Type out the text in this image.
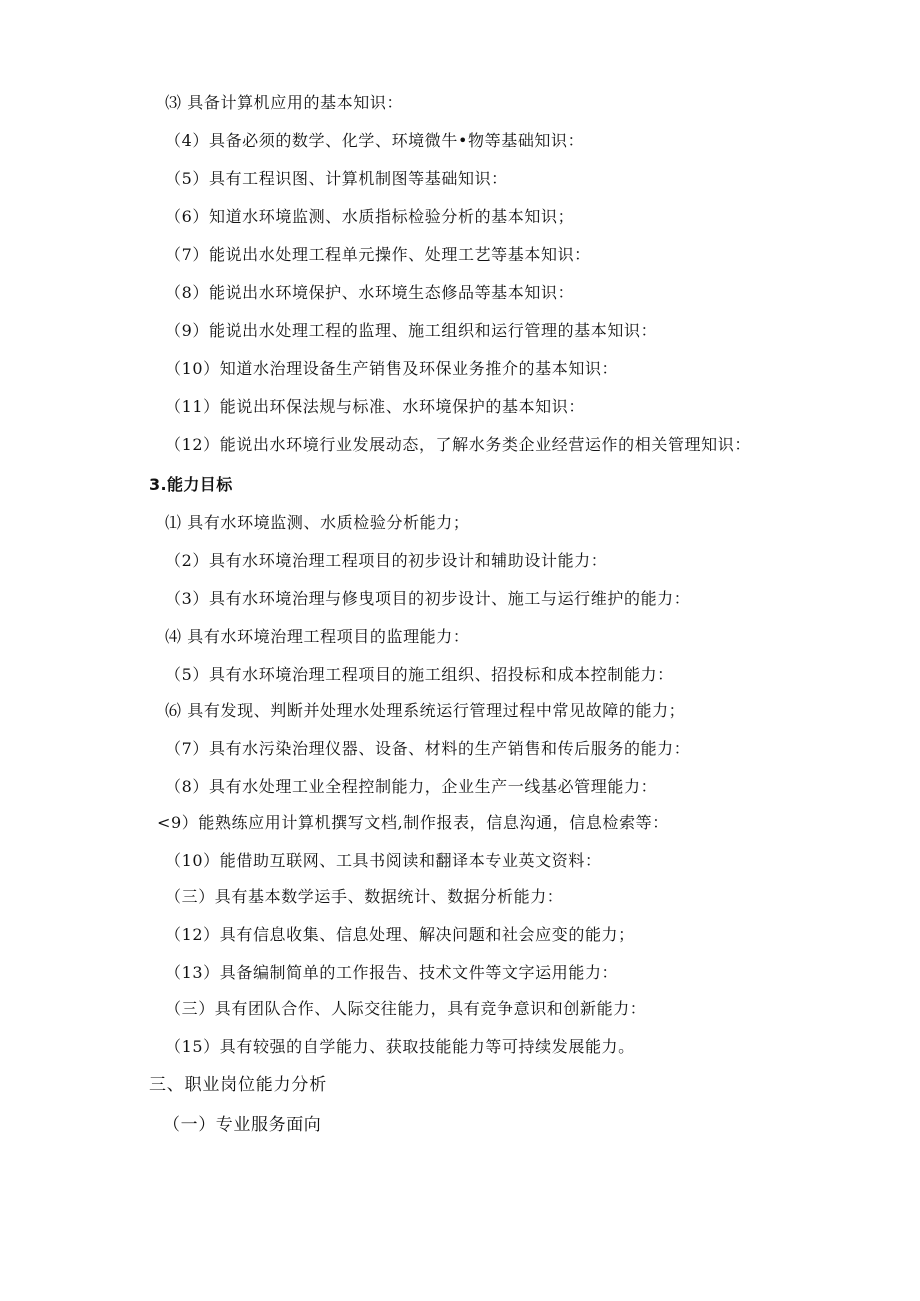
⑶ 具备计算机应用的基本知识：
（4）具备必须的数学、化学、环境微牛•物等基础知识：
（5）具有工程识图、计算机制图等基础知识：
（6）知道水环境监测、水质指标检验分析的基本知识；
（7）能说出水处理工程单元操作、处理工艺等基本知识：
（8）能说出水环境保护、水环境生态修品等基本知识：
（9）能说出水处理工程的监理、施工组织和运行管理的基本知识：
（10）知道水治理设备生产销售及环保业务推介的基本知识：
（11）能说出环保法规与标准、水环境保护的基本知识：
（12）能说出水环境行业发展动态，了解水务类企业经营运作的相关管理知识：
3.能力目标
⑴ 具有水环境监测、水质检验分析能力；
（2）具有水环境治理工程项目的初步设计和辅助设计能力：
（3）具有水环境治理与修曳项目的初步设计、施工与运行维护的能力：
⑷ 具有水环境治理工程项目的监理能力：
（5）具有水环境治理工程项目的施工组织、招投标和成本控制能力：
⑹ 具有发现、判断并处理水处理系统运行管理过程中常见故障的能力；
（7）具有水污染治理仪器、设备、材料的生产销售和传后服务的能力：
（8）具有水处理工业全程控制能力，企业生产一线基必管理能力：
<9）能熟练应用计算机撰写文档,制作报表，信息沟通，信息检索等：
（10）能借助互联网、工具书阅读和翻译本专业英文资料：
（三）具有基本数学运手、数据统计、数据分析能力：
（12）具有信息收集、信息处理、解决问题和社会应变的能力；
（13）具备编制简单的工作报告、技术文件等文字运用能力：
（三）具有团队合作、人际交往能力，具有竞争意识和创新能力：
（15）具有较强的自学能力、获取技能能力等可持续发展能力。
三、职业岗位能力分析
（一）专业服务面向
